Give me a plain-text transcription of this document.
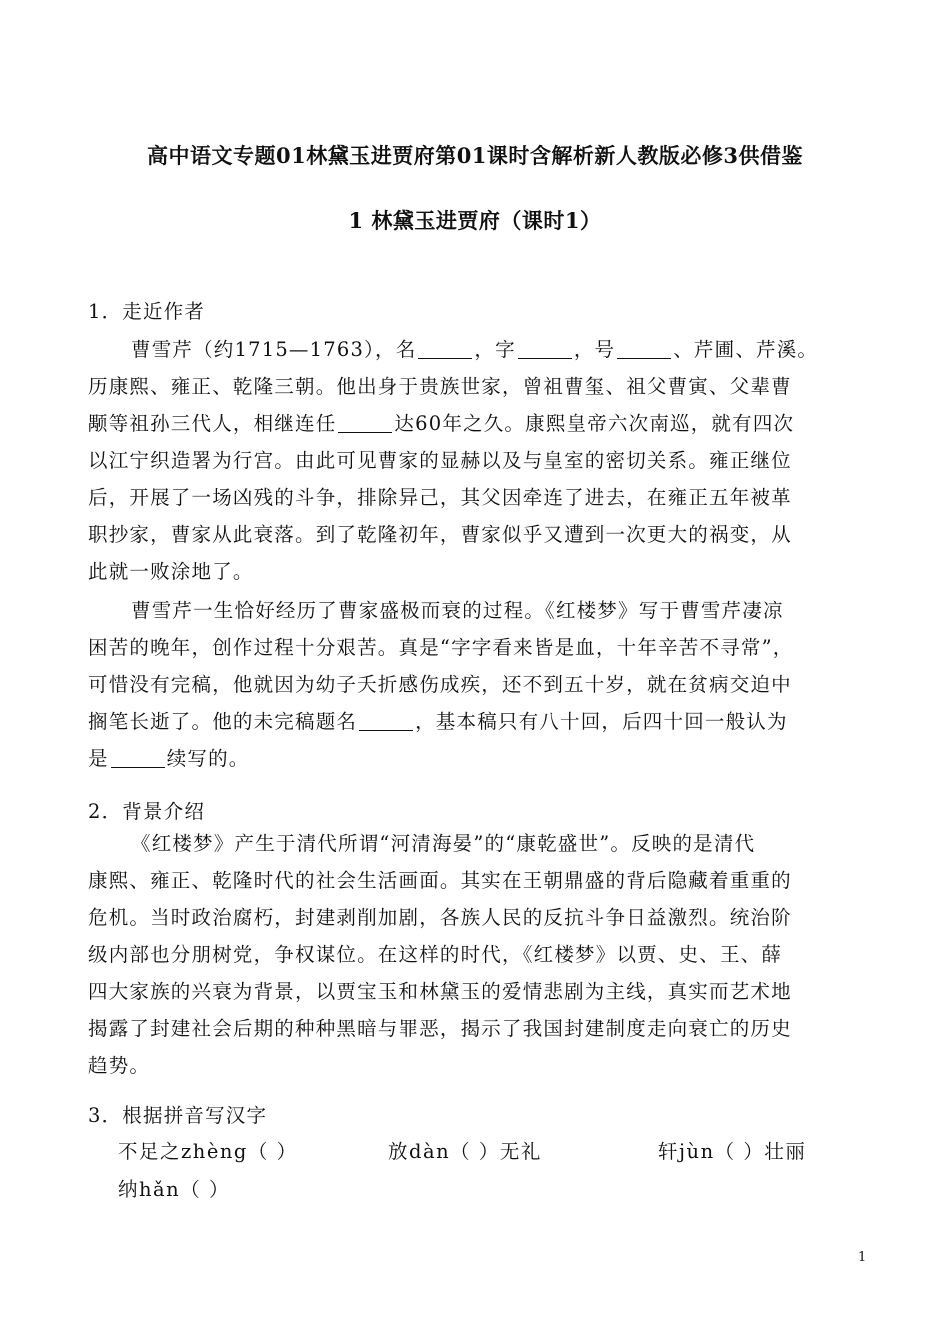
高中语文专题01林黛玉进贾府第01课时含解析新人教版必修3供借鉴
1 林黛玉进贾府（课时1）
1．走近作者
曹雪芹（约1715—1763），名	，字	，号	、芹圃、芹溪。
历康熙、雍正、乾隆三朝。他出身于贵族世家，曾祖曹玺、祖父曹寅、父辈曹
颙等祖孙三代人，相继连任	达60年之久。康熙皇帝六次南巡，就有四次
以江宁织造署为行宫。由此可见曹家的显赫以及与皇室的密切关系。雍正继位
后，开展了一场凶残的斗争，排除异己，其父因牵连了进去，在雍正五年被革
职抄家，曹家从此衰落。到了乾隆初年，曹家似乎又遭到一次更大的祸变，从
此就一败涂地了。
曹雪芹一生恰好经历了曹家盛极而衰的过程。《红楼梦》写于曹雪芹凄凉
困苦的晚年，创作过程十分艰苦。真是“字字看来皆是血，十年辛苦不寻常”，
可惜没有完稿，他就因为幼子夭折感伤成疾，还不到五十岁，就在贫病交迫中
搁笔长逝了。他的未完稿题名	，基本稿只有八十回，后四十回一般认为
是	续写的。
2．背景介绍
《红楼梦》产生于清代所谓“河清海晏”的“康乾盛世”。反映的是清代
康熙、雍正、乾隆时代的社会生活画面。其实在王朝鼎盛的背后隐藏着重重的
危机。当时政治腐朽，封建剥削加剧，各族人民的反抗斗争日益激烈。统治阶
级内部也分朋树党，争权谋位。在这样的时代，《红楼梦》以贾、史、王、薛
四大家族的兴衰为背景，以贾宝玉和林黛玉的爱情悲剧为主线，真实而艺术地
揭露了封建社会后期的种种黑暗与罪恶，揭示了我国封建制度走向衰亡的历史
趋势。
3．根据拼音写汉字
不足之zhèng（ ）	放dàn（ ）无礼	轩jùn（ ）壮丽
纳hǎn（ ）
1
